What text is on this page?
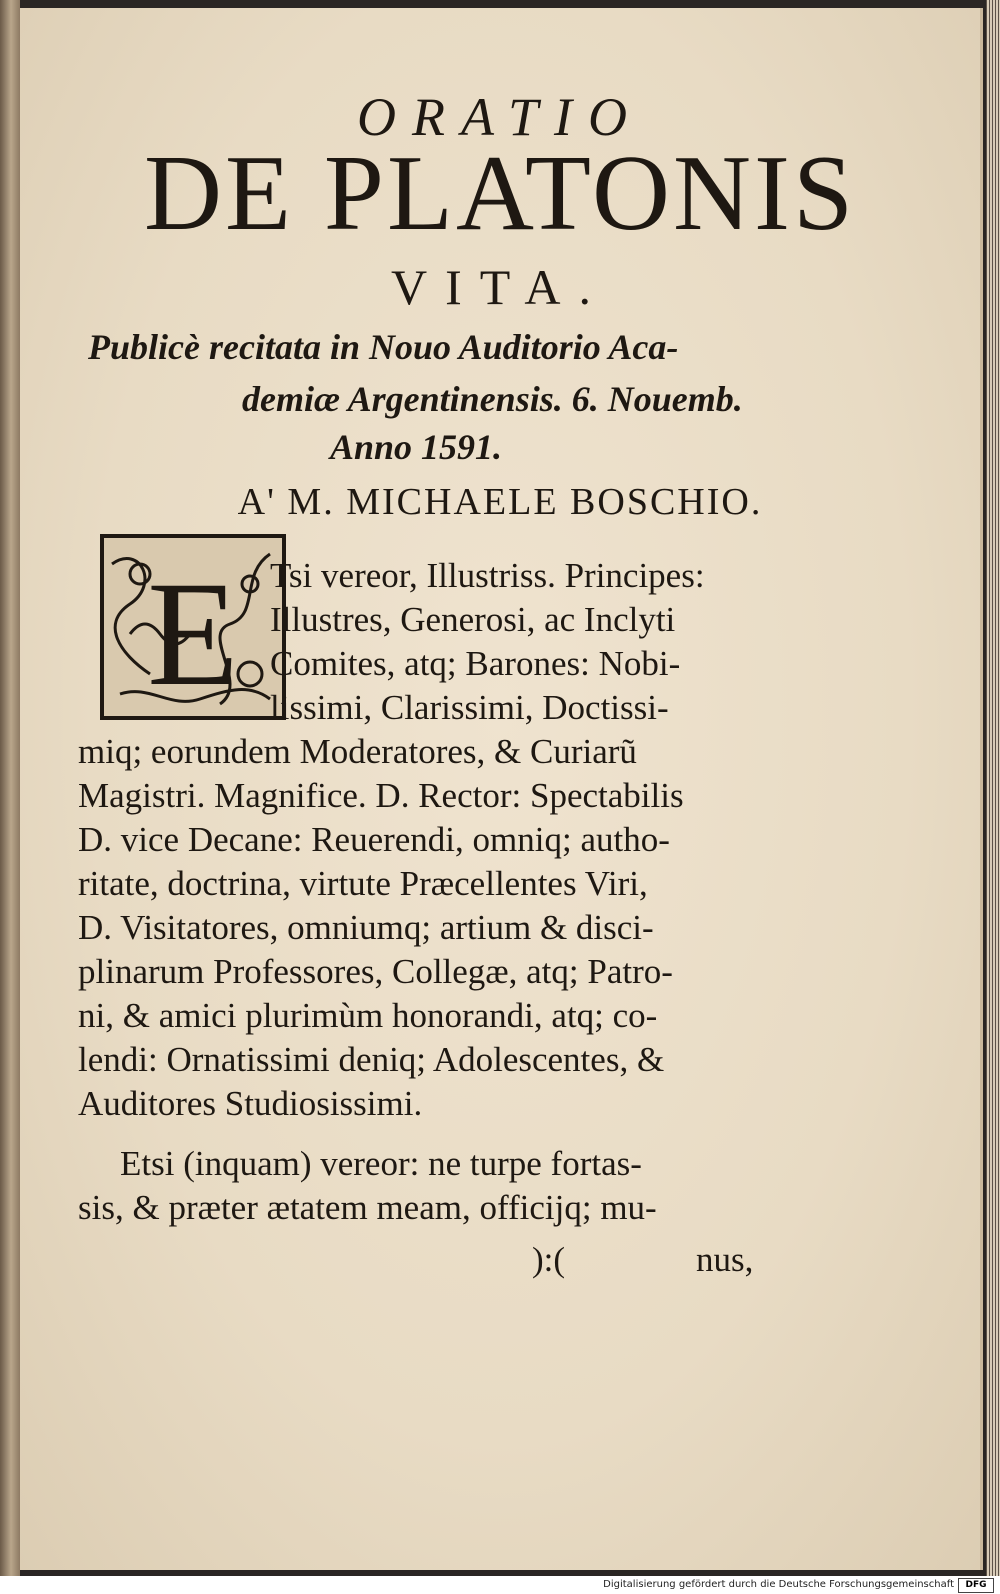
ORATIO
DE PLATONIS
VITA.
Publicè recitata in Nouo Auditorio Aca-
demiæ Argentinensis. 6. Nouemb.
Anno 1591.
A' M. MICHAELE BOSCHIO.
E Tsi vereor, Illustriss. Principes:
Illustres, Generosi, ac Inclyti
Comites, atq; Barones: Nobi-
lissimi, Clarissimi, Doctissi-
miq; eorundem Moderatores, & Curiarũ
Magistri. Magnifice. D. Rector: Spectabilis
D. vice Decane: Reuerendi, omniq; autho-
ritate, doctrina, virtute Præcellentes Viri,
D. Visitatores, omniumq; artium & disci-
plinarum Professores, Collegæ, atq; Patro-
ni, & amici plurimùm honorandi, atq; co-
lendi: Ornatissimi deniq; Adolescentes, &
Auditores Studiosissimi.
Etsi (inquam) vereor: ne turpe fortas-
sis, & præter ætatem meam, officijq; mu-
):(	nus,
Digitalisierung gefördert durch die Deutsche Forschungsgemeinschaft	DFG
